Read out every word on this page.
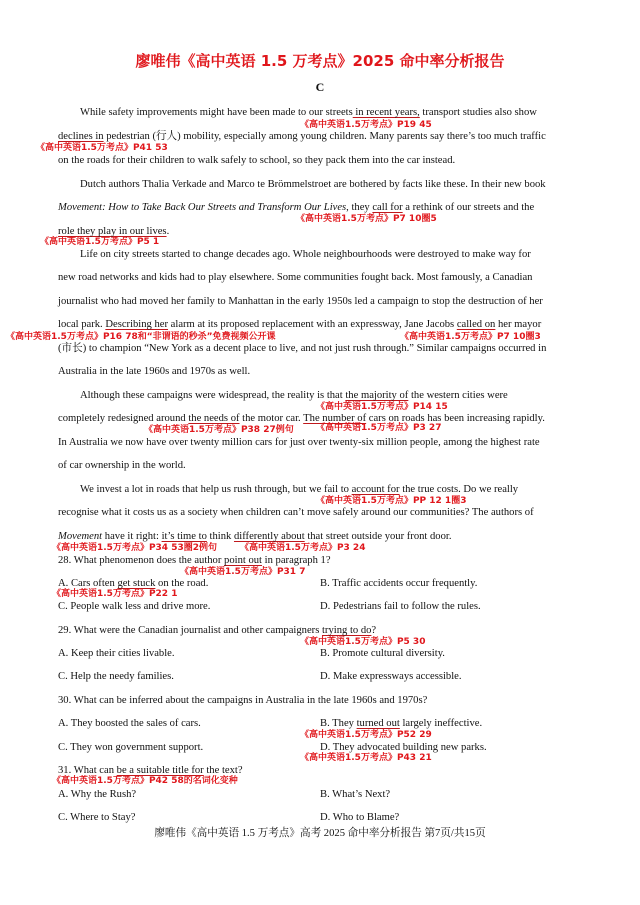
廖唯伟《高中英语 1.5 万考点》2025 命中率分析报告
C
While safety improvements might have been made to our streets in recent years, transport studies also show
《高中英语1.5万考点》P19 45
declines in pedestrian (行人) mobility, especially among young children. Many parents say there’s too much traffic
《高中英语1.5万考点》P41 53
on the roads for their children to walk safely to school, so they pack them into the car instead.
Dutch authors Thalia Verkade and Marco te Brömmelstroet are bothered by facts like these. In their new book
Movement: How to Take Back Our Streets and Transform Our Lives, they call for a rethink of our streets and the
《高中英语1.5万考点》P7 10圈5
role they play in our lives.
《高中英语1.5万考点》P5 1
Life on city streets started to change decades ago. Whole neighbourhoods were destroyed to make way for
new road networks and kids had to play elsewhere. Some communities fought back. Most famously, a Canadian
journalist who had moved her family to Manhattan in the early 1950s led a campaign to stop the destruction of her
local park. Describing her alarm at its proposed replacement with an expressway, Jane Jacobs called on her mayor
《高中英语1.5万考点》P16 78和“非谓语的秒杀”免费视频公开课	《高中英语1.5万考点》P7 10圈3
(市长) to champion “New York as a decent place to live, and not just rush through.” Similar campaigns occurred in
Australia in the late 1960s and 1970s as well.
Although these campaigns were widespread, the reality is that the majority of the western cities were
《高中英语1.5万考点》P14 15
completely redesigned around the needs of the motor car. The number of cars on roads has been increasing rapidly.
《高中英语1.5万考点》P38 27例句 《高中英语1.5万考点》P3 27
In Australia we now have over twenty million cars for just over twenty-six million people, among the highest rate
of car ownership in the world.
We invest a lot in roads that help us rush through, but we fail to account for the true costs. Do we really
《高中英语1.5万考点》PP 12 1圈3
recognise what it costs us as a society when children can’t move safely around our communities? The authors of
Movement have it right: it’s time to think differently about that street outside your front door.
《高中英语1.5万考点》P34 53圈2例句	《高中英语1.5万考点》P3 24
28. What phenomenon does the author point out in paragraph 1?
《高中英语1.5万考点》P31 7
A. Cars often get stuck on the road.	B. Traffic accidents occur frequently.
《高中英语1.5万考点》P22 1
C. People walk less and drive more.	D. Pedestrians fail to follow the rules.
29. What were the Canadian journalist and other campaigners trying to do?
《高中英语1.5万考点》P5 30
A. Keep their cities livable.	B. Promote cultural diversity.
C. Help the needy families.	D. Make expressways accessible.
30. What can be inferred about the campaigns in Australia in the late 1960s and 1970s?
A. They boosted the sales of cars.	B. They turned out largely ineffective.
《高中英语1.5万考点》P52 29
C. They won government support.	D. They advocated building new parks.
《高中英语1.5万考点》P43 21
31. What can be a suitable title for the text?
《高中英语1.5万考点》P42 58的名词化变种
A. Why the Rush?	B. What’s Next?
C. Where to Stay?	D. Who to Blame?
廖唯伟《高中英语 1.5 万考点》高考 2025 命中率分析报告 第7页/共15页
